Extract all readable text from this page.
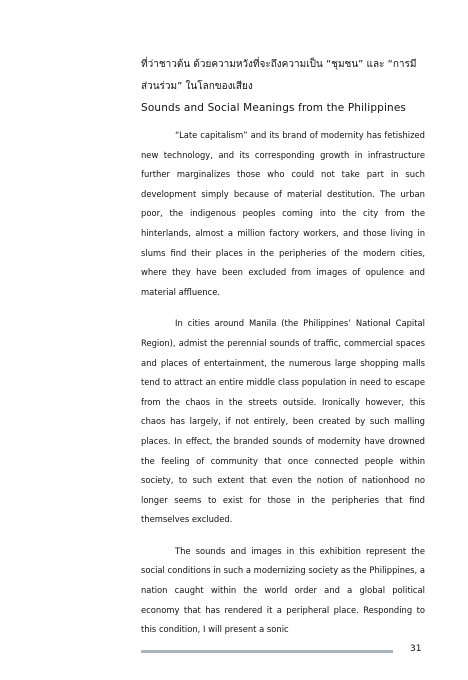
ที่ว่าชาวต้น ด้วยความหวังที่จะถึงความเป็น “ชุมชน” และ “การมีส่วนร่วม” ในโลกของเสียง

Sounds and Social Meanings from the Philippines

“Late capitalism” and its brand of modernity has fetishized new technology, and its corresponding growth in infrastructure further marginalizes those who could not take part in such development simply because of material destitution. The urban poor, the indigenous peoples coming into the city from the hinterlands, almost a million factory workers, and those living in slums find their places in the peripheries of the modern cities, where they have been excluded from images of opulence and material affluence.

In cities around Manila (the Philippines’ National Capital Region), admist the perennial sounds of traffic, commercial spaces and places of entertainment, the numerous large shopping malls tend to attract an entire middle class population in need to escape from the chaos in the streets outside. Ironically however, this chaos has largely, if not entirely, been created by such malling places. In effect, the branded sounds of modernity have drowned the feeling of community that once connected people within society, to such extent that even the notion of nationhood no longer seems to exist for those in the peripheries that find themselves excluded.

The sounds and images in this exhibition represent the social conditions in such a modernizing society as the Philippines, a nation caught within the world order and a global political economy that has rendered it a peripheral place. Responding to this condition, I will present a sonic

31
